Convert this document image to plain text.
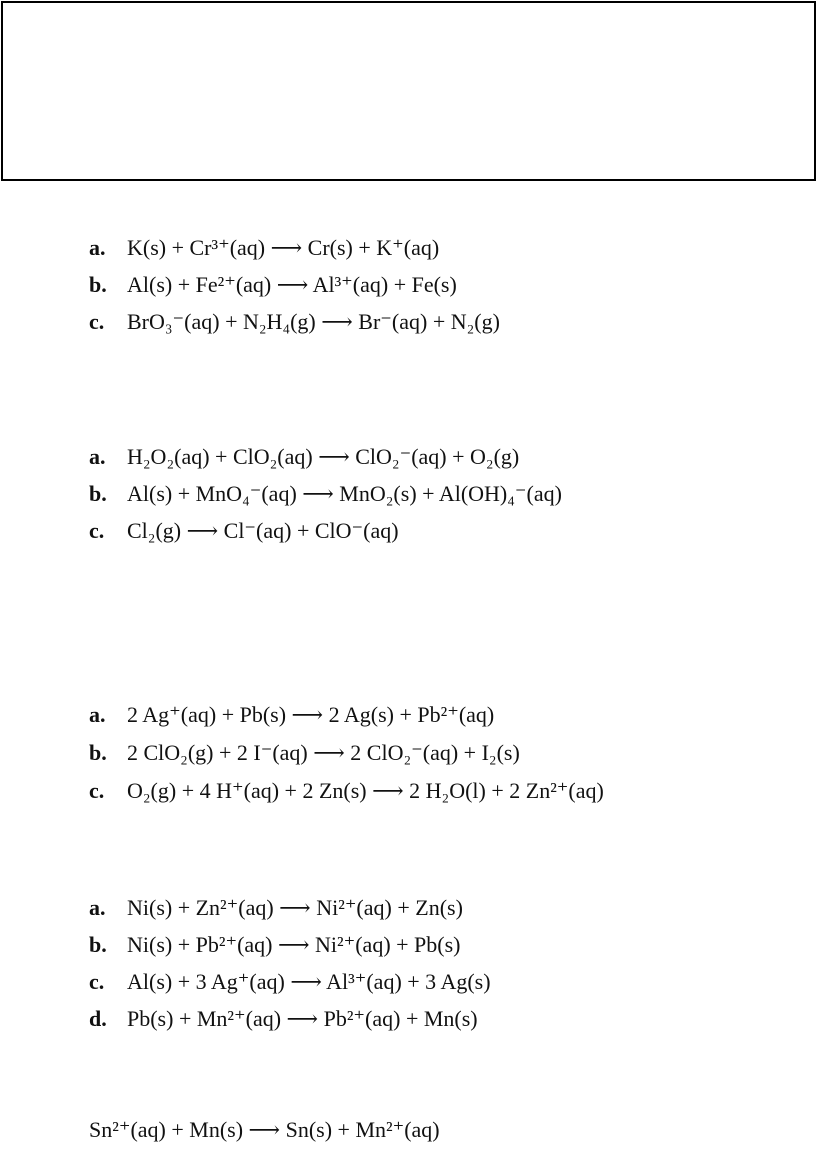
a. K(s) + Cr³⁺(aq) ⟶ Cr(s) + K⁺(aq)
b. Al(s) + Fe²⁺(aq) ⟶ Al³⁺(aq) + Fe(s)
c. BrO₃⁻(aq) + N₂H₄(g) ⟶ Br⁻(aq) + N₂(g)
a. H₂O₂(aq) + ClO₂(aq) ⟶ ClO₂⁻(aq) + O₂(g)
b. Al(s) + MnO₄⁻(aq) ⟶ MnO₂(s) + Al(OH)₄⁻(aq)
c. Cl₂(g) ⟶ Cl⁻(aq) + ClO⁻(aq)
a. 2 Ag⁺(aq) + Pb(s) ⟶ 2 Ag(s) + Pb²⁺(aq)
b. 2 ClO₂(g) + 2 I⁻(aq) ⟶ 2 ClO₂⁻(aq) + I₂(s)
c. O₂(g) + 4 H⁺(aq) + 2 Zn(s) ⟶ 2 H₂O(l) + 2 Zn²⁺(aq)
a. Ni(s) + Zn²⁺(aq) ⟶ Ni²⁺(aq) + Zn(s)
b. Ni(s) + Pb²⁺(aq) ⟶ Ni²⁺(aq) + Pb(s)
c. Al(s) + 3 Ag⁺(aq) ⟶ Al³⁺(aq) + 3 Ag(s)
d. Pb(s) + Mn²⁺(aq) ⟶ Pb²⁺(aq) + Mn(s)
Sn²⁺(aq) + Mn(s) ⟶ Sn(s) + Mn²⁺(aq)
